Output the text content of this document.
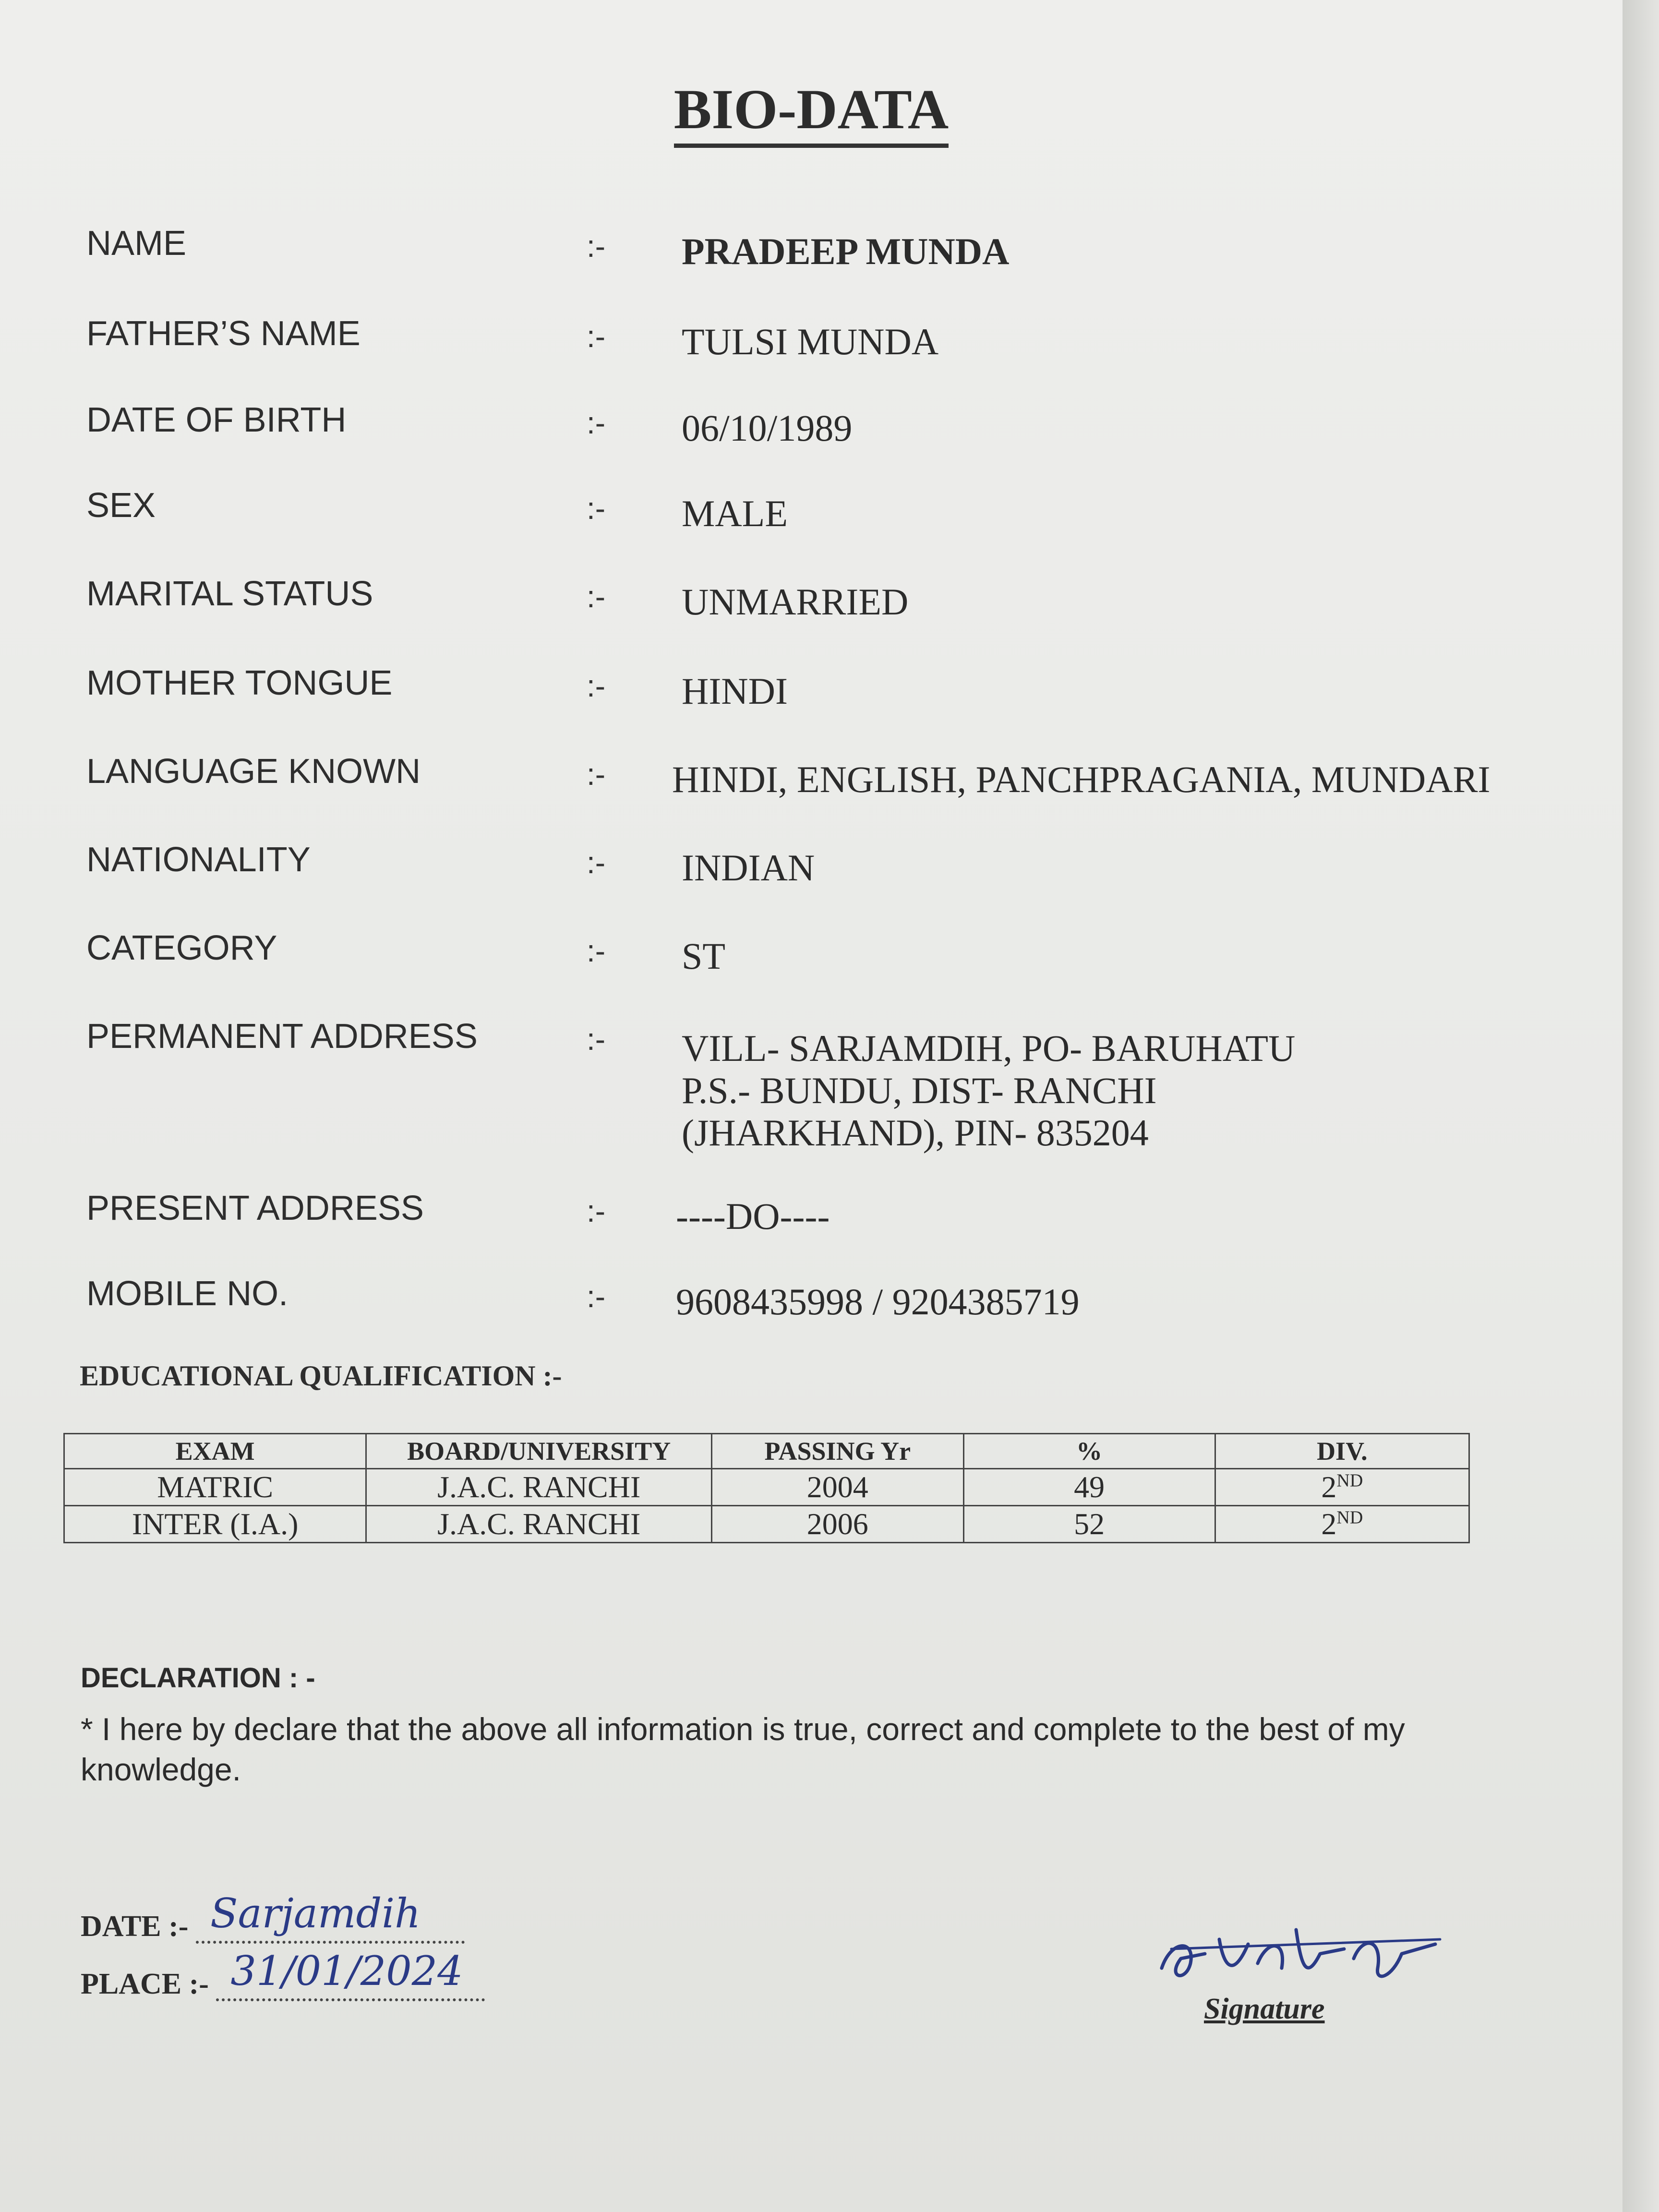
BIO-DATA
NAME	:- PRADEEP MUNDA
FATHER’S NAME	:- TULSI MUNDA
DATE OF BIRTH	:- 06/10/1989
SEX	:- MALE
MARITAL STATUS	:- UNMARRIED
MOTHER TONGUE	:- HINDI
LANGUAGE KNOWN	:- HINDI, ENGLISH, PANCHPRAGANIA, MUNDARI
NATIONALITY	:- INDIAN
CATEGORY	:- ST
PERMANENT ADDRESS	:- VILL- SARJAMDIH, PO- BARUHATU
P.S.- BUNDU, DIST- RANCHI
(JHARKHAND), PIN- 835204
PRESENT ADDRESS	:- ----DO----
MOBILE NO.	:- 9608435998 / 9204385719
EDUCATIONAL QUALIFICATION :-
EXAM	BOARD/UNIVERSITY	PASSING Yr	%	DIV.
MATRIC	J.A.C. RANCHI	2004	49	2ND
INTER (I.A.)	J.A.C. RANCHI	2006	52	2ND
DECLARATION : -
* I here by declare that the above all information is true, correct and complete to the best of my knowledge.
DATE :- Sarjamdih
PLACE :- 31/01/2024
Signature
